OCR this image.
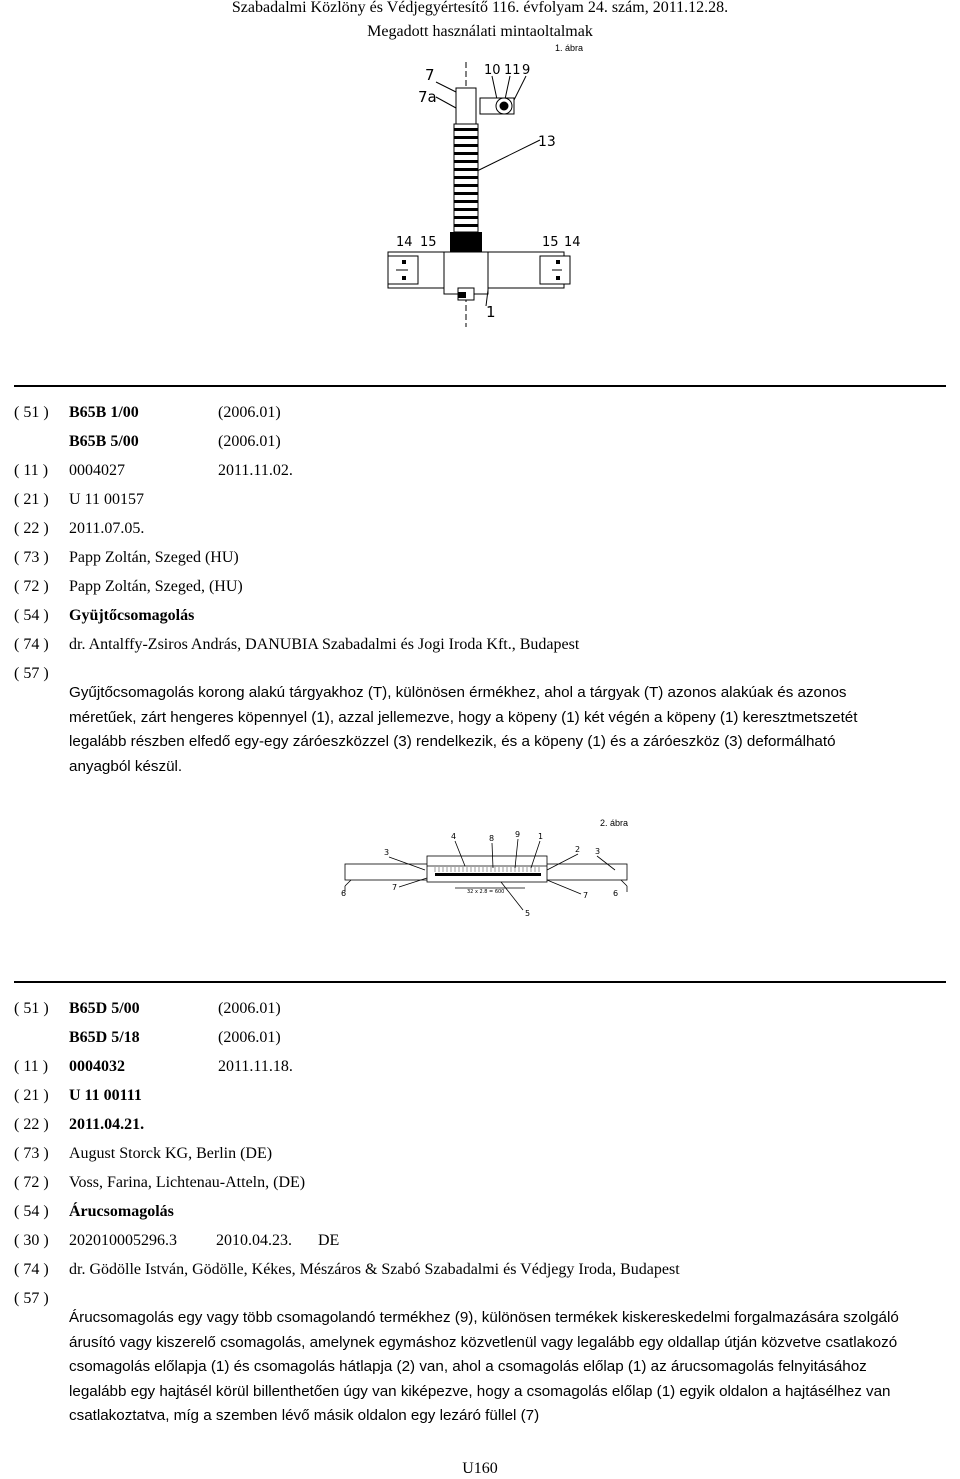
Szabadalmi Közlöny és Védjegyértesítő 116. évfolyam 24. szám, 2011.12.28.
Megadott használati mintaoltalmak
1. ábra
7
7a
10 11 9
13
14 15	15 14
1
( 51 ) B65B 1/00	(2006.01)
B65B 5/00	(2006.01)
( 11 ) 0004027	2011.11.02.
( 21 ) U 11 00157
( 22 ) 2011.07.05.
( 73 ) Papp Zoltán, Szeged (HU)
( 72 ) Papp Zoltán, Szeged, (HU)
( 54 ) Gyüjtőcsomagolás
( 74 ) dr. Antalffy-Zsiros András, DANUBIA Szabadalmi és Jogi Iroda Kft., Budapest
( 57 )

Gyűjtőcsomagolás korong alakú tárgyakhoz (T), különösen érmékhez, ahol a tárgyak (T) azonos alakúak és azonos méretűek, zárt hengeres köpennyel (1), azzal jellemezve, hogy a köpeny (1) két végén a köpeny (1) keresztmetszetét legalább részben elfedő egy-egy záróeszközzel (3) rendelkezik, és a köpeny (1) és a záróeszköz (3) deformálható anyagból készül.

2. ábra
4	8	9 1
3	2 3
6
7
7	6
5
32 x 2.8 = 600
( 51 ) B65D 5/00	(2006.01)
B65D 5/18	(2006.01)
( 11 ) 0004032	2011.11.18.
( 21 ) U 11 00111
( 22 ) 2011.04.21.
( 73 ) August Storck KG, Berlin (DE)
( 72 ) Voss, Farina, Lichtenau-Atteln, (DE)
( 54 ) Árucsomagolás
( 30 ) 202010005296.3 2010.04.23. DE
( 74 ) dr. Gödölle István, Gödölle, Kékes, Mészáros & Szabó Szabadalmi és Védjegy Iroda, Budapest
( 57 )

Árucsomagolás egy vagy több csomagolandó termékhez (9), különösen termékek kiskereskedelmi forgalmazására szolgáló árusító vagy kiszerelő csomagolás, amelynek egymáshoz közvetlenül vagy legalább egy oldallap útján közvetve csatlakozó csomagolás előlapja (1) és csomagolás hátlapja (2) van, ahol a csomagolás előlap (1) az árucsomagolás felnyitásához legalább egy hajtásél körül billenthetően úgy van kiképezve, hogy a csomagolás előlap (1) egyik oldalon a hajtásélhez van csatlakoztatva, míg a szemben lévő másik oldalon egy lezáró füllel (7)

U160
